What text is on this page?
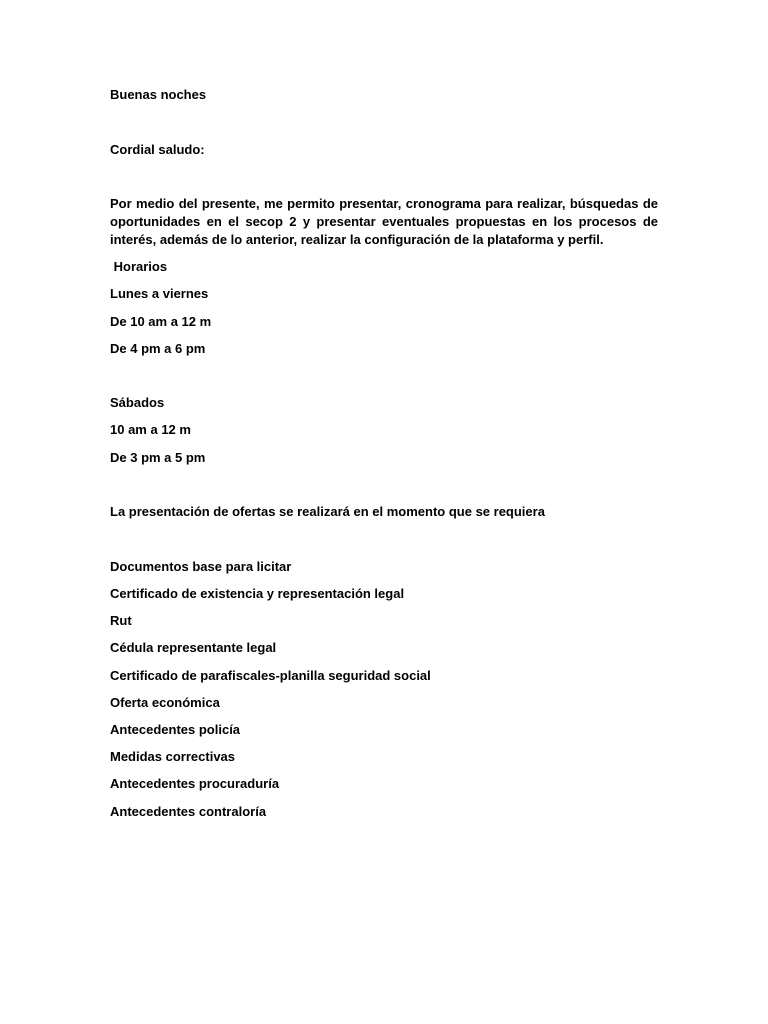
Buenas noches
Cordial saludo:

Por medio del presente, me permito presentar, cronograma para realizar, búsquedas de oportunidades en el secop 2 y presentar eventuales propuestas en los procesos de interés, además de lo anterior, realizar la configuración de la plataforma y perfil.

Horarios
Lunes a viernes
De 10 am a 12 m
De 4 pm a 6 pm
Sábados
10 am a 12 m
De 3 pm a 5 pm
La presentación de ofertas se realizará en el momento que se requiera
Documentos base para licitar
Certificado de existencia y representación legal
Rut
Cédula representante legal
Certificado de parafiscales-planilla seguridad social
Oferta económica
Antecedentes policía
Medidas correctivas
Antecedentes procuraduría
Antecedentes contraloría
